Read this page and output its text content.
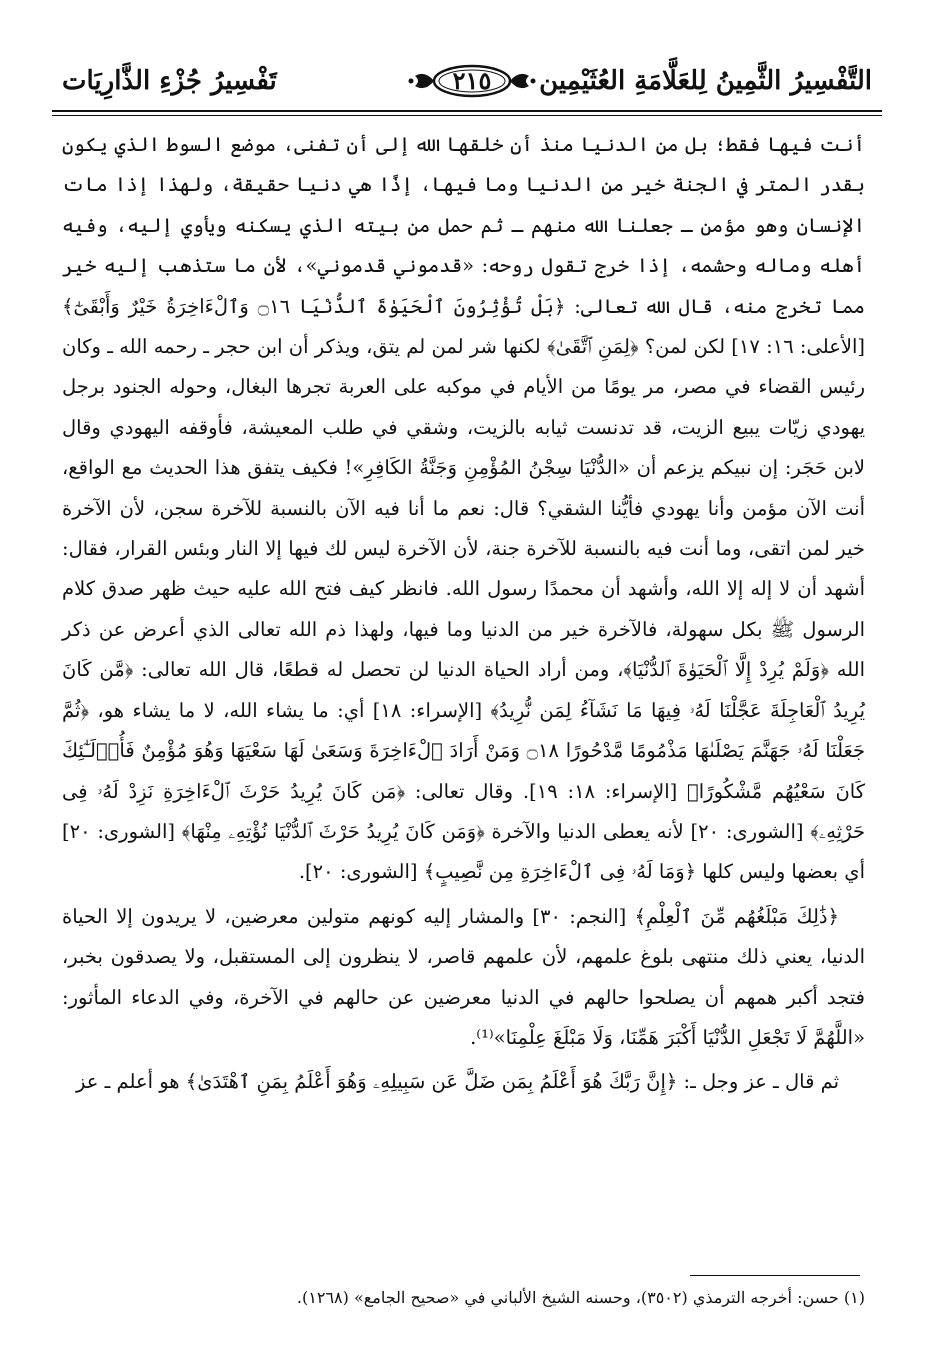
تَفْسِيرُ جُزْءِ الذَّارِيَات	٢١٥	التَّفْسِيرُ الثَّمِينُ لِلعَلَّامَةِ العُثَيْمِين

أنت فيها فقط؛ بل من الدنيا منذ أن خلقها الله إلى أن تفنى، موضع السوط الذي يكون بقدر المتر في الجنة خير من الدنيا وما فيها، إذًا هي دنيا حقيقة، ولهذا إذا مات الإنسان وهو مؤمن ـ جعلنا الله منهم ـ ثم حمل من بيته الذي يسكنه ويأوي إليه، وفيه أهله وماله وحشمه، إذا خرج تقول روحه: «قدموني قدموني»، لأن ما ستذهب إليه خير مما تخرج منه، قال الله تعالى: ﴿بَلْ تُؤْثِرُونَ ٱلْحَيَوٰةَ ٱلدُّنْيَا ۝١٦ وَٱلْءَاخِرَةُ خَيْرٌ وَأَبْقَىٰٓ﴾ [الأعلى: ١٦: ١٧] لكن لمن؟ ﴿لِمَنِ ٱتَّقَىٰ﴾ لكنها شر لمن لم يتق، ويذكر أن ابن حجر ـ رحمه الله ـ وكان رئيس القضاء في مصر، مر يومًا من الأيام في موكبه على العربة تجرها البغال، وحوله الجنود برجل يهودي زيّات يبيع الزيت، قد تدنست ثيابه بالزيت، وشقي في طلب المعيشة، فأوقفه اليهودي وقال لابن حَجَر: إن نبيكم يزعم أن «الدُّنْيَا سِجْنُ المُؤْمِنِ وَجَنَّةُ الكَافِرِ»! فكيف يتفق هذا الحديث مع الواقع، أنت الآن مؤمن وأنا يهودي فأيُّنا الشقي؟ قال: نعم ما أنا فيه الآن بالنسبة للآخرة سجن، لأن الآخرة خير لمن اتقى، وما أنت فيه بالنسبة للآخرة جنة، لأن الآخرة ليس لك فيها إلا النار وبئس القرار، فقال: أشهد أن لا إله إلا الله، وأشهد أن محمدًا رسول الله. فانظر كيف فتح الله عليه حيث ظهر صدق كلام الرسول ﷺ بكل سهولة، فالآخرة خير من الدنيا وما فيها، ولهذا ذم الله تعالى الذي أعرض عن ذكر الله ﴿وَلَمْ يُرِدْ إِلَّا ٱلْحَيَوٰةَ ٱلدُّنْيَا﴾، ومن أراد الحياة الدنيا لن تحصل له قطعًا، قال الله تعالى: ﴿مَّن كَانَ يُرِيدُ ٱلْعَاجِلَةَ عَجَّلْنَا لَهُۥ فِيهَا مَا نَشَآءُ لِمَن نُّرِيدُ﴾ [الإسراء: ١٨] أي: ما يشاء الله، لا ما يشاء هو، ﴿ثُمَّ جَعَلْنَا لَهُۥ جَهَنَّمَ يَصْلَىٰهَا مَذْمُومًا مَّدْحُورًا ۝١٨ وَمَنْ أَرَادَ ٱلْءَاخِرَةَ وَسَعَىٰ لَهَا سَعْيَهَا وَهُوَ مُؤْمِنٌ فَأُو۟لَـٰٓئِكَ كَانَ سَعْيُهُم مَّشْكُورًا﴾ [الإسراء: ١٨: ١٩]. وقال تعالى: ﴿مَن كَانَ يُرِيدُ حَرْثَ ٱلْءَاخِرَةِ نَزِدْ لَهُۥ فِى حَرْثِهِۦ﴾ [الشورى: ٢٠] لأنه يعطى الدنيا والآخرة ﴿وَمَن كَانَ يُرِيدُ حَرْثَ ٱلدُّنْيَا نُؤْتِهِۦ مِنْهَا﴾ [الشورى: ٢٠] أي بعضها وليس كلها ﴿وَمَا لَهُۥ فِى ٱلْءَاخِرَةِ مِن نَّصِيبٍ﴾ [الشورى: ٢٠].

﴿ذَٰلِكَ مَبْلَغُهُم مِّنَ ٱلْعِلْمِ﴾ [النجم: ٣٠] والمشار إليه كونهم متولين معرضين، لا يريدون إلا الحياة الدنيا، يعني ذلك منتهى بلوغ علمهم، لأن علمهم قاصر، لا ينظرون إلى المستقبل، ولا يصدقون بخبر، فتجد أكبر همهم أن يصلحوا حالهم في الدنيا معرضين عن حالهم في الآخرة، وفي الدعاء المأثور: «اللَّهُمَّ لَا تَجْعَلِ الدُّنْيَا أَكْبَرَ هَمِّنَا، وَلَا مَبْلَغَ عِلْمِنَا»⁽¹⁾.

ثم قال ـ عز وجل ـ: ﴿إِنَّ رَبَّكَ هُوَ أَعْلَمُ بِمَن ضَلَّ عَن سَبِيلِهِۦ وَهُوَ أَعْلَمُ بِمَنِ ٱهْتَدَىٰ﴾ هو أعلم ـ عز

(١) حسن: أخرجه الترمذي (٣٥٠٢)، وحسنه الشيخ الألباني في «صحيح الجامع» (١٢٦٨).
